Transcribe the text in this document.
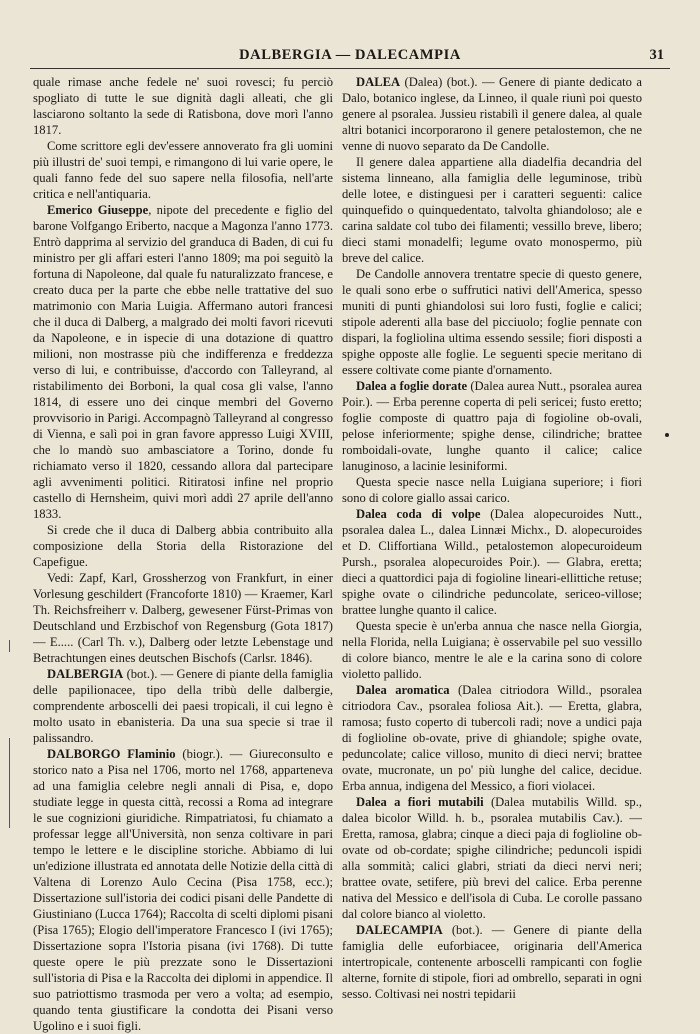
DALBERGIA — DALECAMPIA	31

quale rimase anche fedele ne' suoi rovesci; fu perciò spogliato di tutte le sue dignità dagli alleati, che gli lasciarono soltanto la sede di Ratisbona, dove morì l'anno 1817.

Come scrittore egli dev'essere annoverato fra gli uomini più illustri de' suoi tempi, e rimangono di lui varie opere, le quali fanno fede del suo sapere nella filosofia, nell'arte critica e nell'antiquaria.

Emerico Giuseppe, nipote del precedente e figlio del barone Volfgango Eriberto, nacque a Magonza l'anno 1773. Entrò dapprima al servizio del granduca di Baden, di cui fu ministro per gli affari esteri l'anno 1809; ma poi seguitò la fortuna di Napoleone, dal quale fu naturalizzato francese, e creato duca per la parte che ebbe nelle trattative del suo matrimonio con Maria Luigia. Affermano autori francesi che il duca di Dalberg, a malgrado dei molti favori ricevuti da Napoleone, e in ispecie di una dotazione di quattro milioni, non mostrasse più che indifferenza e freddezza verso di lui, e contribuisse, d'accordo con Talleyrand, al ristabilimento dei Borboni, la qual cosa gli valse, l'anno 1814, di essere uno dei cinque membri del Governo provvisorio in Parigi. Accompagnò Talleyrand al congresso di Vienna, e salì poi in gran favore appresso Luigi XVIII, che lo mandò suo ambasciatore a Torino, donde fu richiamato verso il 1820, cessando allora dal partecipare agli avvenimenti politici. Ritiratosi infine nel proprio castello di Hernsheim, quivi morì addì 27 aprile dell'anno 1833.

Si crede che il duca di Dalberg abbia contribuito alla composizione della Storia della Ristorazione del Capefigue.

Vedi: Zapf, Karl, Grossherzog von Frankfurt, in einer Vorlesung geschildert (Francoforte 1810) — Kraemer, Karl Th. Reichsfreiherr v. Dalberg, gewesener Fürst-Primas von Deutschland und Erzbischof von Regensburg (Gota 1817) — E..... (Carl Th. v.), Dalberg oder letzte Lebenstage und Betrachtungen eines deutschen Bischofs (Carlsr. 1846).

DALBERGIA (bot.). — Genere di piante della famiglia delle papilionacee, tipo della tribù delle dalbergie, comprendente arboscelli dei paesi tropicali, il cui legno è molto usato in ebanisteria. Da una sua specie si trae il palissandro.

DALBORGO Flaminio (biogr.). — Giureconsulto e storico nato a Pisa nel 1706, morto nel 1768, apparteneva ad una famiglia celebre negli annali di Pisa, e, dopo studiate legge in questa città, recossi a Roma ad integrare le sue cognizioni giuridiche. Rimpatriatosi, fu chiamato a professar legge all'Università, non senza coltivare in pari tempo le lettere e le discipline storiche. Abbiamo di lui un'edizione illustrata ed annotata delle Notizie della città di Valtena di Lorenzo Aulo Cecina (Pisa 1758, ecc.); Dissertazione sull'istoria dei codici pisani delle Pandette di Giustiniano (Lucca 1764); Raccolta di scelti diplomi pisani (Pisa 1765); Elogio dell'imperatore Francesco I (ivi 1765); Dissertazione sopra l'Istoria pisana (ivi 1768). Di tutte queste opere le più prezzate sono le Dissertazioni sull'istoria di Pisa e la Raccolta dei diplomi in appendice. Il suo patriottismo trasmoda per vero a volta; ad esempio, quando tenta giustificare la condotta dei Pisani verso Ugolino e i suoi figli.

DALEA (Dalea) (bot.). — Genere di piante dedicato a Dalo, botanico inglese, da Linneo, il quale riunì poi questo genere al psoralea. Jussieu ristabilì il genere dalea, al quale altri botanici incorporarono il genere petalostemon, che ne venne di nuovo separato da De Candolle.

Il genere dalea appartiene alla diadelfia decandria del sistema linneano, alla famiglia delle leguminose, tribù delle lotee, e distinguesi per i caratteri seguenti: calice quinquefido o quinquedentato, talvolta ghiandoloso; ale e carina saldate col tubo dei filamenti; vessillo breve, libero; dieci stami monadelfi; legume ovato monospermo, più breve del calice.

De Candolle annovera trentatre specie di questo genere, le quali sono erbe o suffrutici nativi dell'America, spesso muniti di punti ghiandolosi sui loro fusti, foglie e calici; stipole aderenti alla base del picciuolo; foglie pennate con dispari, la fogliolina ultima essendo sessile; fiori disposti a spighe opposte alle foglie. Le seguenti specie meritano di essere coltivate come piante d'ornamento.

Dalea a foglie dorate (Dalea aurea Nutt., psoralea aurea Poir.). — Erba perenne coperta di peli sericei; fusto eretto; foglie composte di quattro paja di fogioline ob-ovali, pelose inferiormente; spighe dense, cilindriche; brattee romboidali-ovate, lunghe quanto il calice; calice lanuginoso, a lacinie lesiniformi.

Questa specie nasce nella Luigiana superiore; i fiori sono di colore giallo assai carico.

Dalea coda di volpe (Dalea alopecuroides Nutt., psoralea dalea L., dalea Linnæi Michx., D. alopecuroides et D. Cliffortiana Willd., petalostemon alopecuroideum Pursh., psoralea alopecuroides Poir.). — Glabra, eretta; dieci a quattordici paja di fogioline lineari-ellittiche retuse; spighe ovate o cilindriche peduncolate, sericeo-villose; brattee lunghe quanto il calice.

Questa specie è un'erba annua che nasce nella Giorgia, nella Florida, nella Luigiana; è osservabile pel suo vessillo di colore bianco, mentre le ale e la carina sono di colore violetto pallido.

Dalea aromatica (Dalea citriodora Willd., psoralea citriodora Cav., psoralea foliosa Ait.). — Eretta, glabra, ramosa; fusto coperto di tubercoli radi; nove a undici paja di foglioline ob-ovate, prive di ghiandole; spighe ovate, peduncolate; calice villoso, munito di dieci nervi; brattee ovate, mucronate, un po' più lunghe del calice, decidue. Erba annua, indigena del Messico, a fiori violacei.

Dalea a fiori mutabili (Dalea mutabilis Willd. sp., dalea bicolor Willd. h. b., psoralea mutabilis Cav.). — Eretta, ramosa, glabra; cinque a dieci paja di foglioline ob-ovate od ob-cordate; spighe cilindriche; peduncoli ispidi alla sommità; calici glabri, striati da dieci nervi neri; brattee ovate, setifere, più brevi del calice. Erba perenne nativa del Messico e dell'isola di Cuba. Le corolle passano dal colore bianco al violetto.

DALECAMPIA (bot.). — Genere di piante della famiglia delle euforbiacee, originaria dell'America intertropicale, contenente arboscelli rampicanti con foglie alterne, fornite di stipole, fiori ad ombrello, separati in ogni sesso. Coltivasi nei nostri tepidarii
